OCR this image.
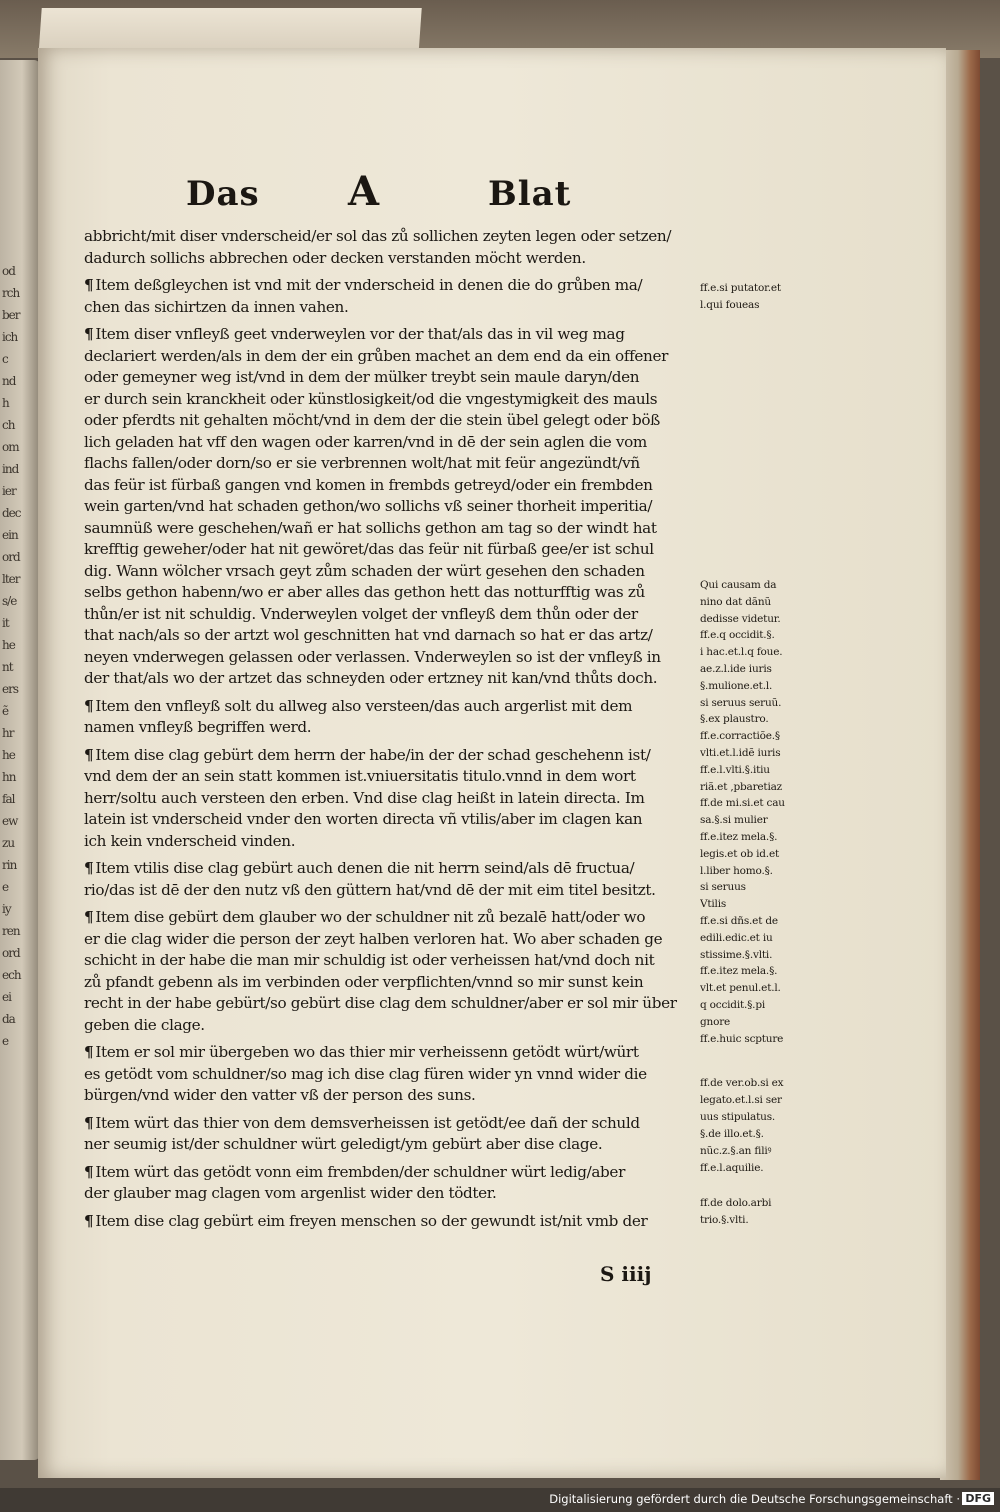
od
rch
ber
ich
c
nd
h
ch
om
ind
ier
dec
ein
ord
lter
s/e
it
he
nt
ers
ẽ
hr
he
hn
fal
ew
zu
rin
e
iy
ren
ord
ech
ei
da
e
Das A	Blat
abbricht/mit diser vnderscheid/er sol das zů sollichen zeyten legen oder setzen/
dadurch sollichs abbrechen oder decken verstanden möcht werden.
¶ Item deßgleychen ist vnd mit der vnderscheid in denen die do grůben ma/
chen das sichirtzen da innen vahen.
¶ Item diser vnfleyß geet vnderweylen vor der that/als das in vil weg mag
declariert werden/als in dem der ein grůben machet an dem end da ein offener
oder gemeyner weg ist/vnd in dem der mülker treybt sein maule daryn/den
er durch sein kranckheit oder künstlosigkeit/od die vngestymigkeit des mauls
oder pferdts nit gehalten möcht/vnd in dem der die stein übel gelegt oder böß
lich geladen hat vff den wagen oder karren/vnd in dē der sein aglen die vom
flachs fallen/oder dorn/so er sie verbrennen wolt/hat mit feür angezündt/vñ
das feür ist fürbaß gangen vnd komen in frembds getreyd/oder ein frembden
wein garten/vnd hat schaden gethon/wo sollichs vß seiner thorheit imperitia/
saumnüß were geschehen/wañ er hat sollichs gethon am tag so der windt hat
krefftig geweher/oder hat nit gewöret/das das feür nit fürbaß gee/er ist schul
dig. Wann wölcher vrsach geyt zům schaden der würt gesehen den schaden
selbs gethon habenn/wo er aber alles das gethon hett das notturfftig was zů
thůn/er ist nit schuldig. Vnderweylen volget der vnfleyß dem thůn oder der
that nach/als so der artzt wol geschnitten hat vnd darnach so hat er das artz/
neyen vnderwegen gelassen oder verlassen. Vnderweylen so ist der vnfleyß in
der that/als wo der artzet das schneyden oder ertzney nit kan/vnd thůts doch.
¶ Item den vnfleyß solt du allweg also versteen/das auch argerlist mit dem
namen vnfleyß begriffen werd.
¶ Item dise clag gebürt dem herrn der habe/in der der schad geschehenn ist/
vnd dem der an sein statt kommen ist.vniuersitatis titulo.vnnd in dem wort
herr/soltu auch versteen den erben. Vnd dise clag heißt in latein directa. Im
latein ist vnderscheid vnder den worten directa vñ vtilis/aber im clagen kan
ich kein vnderscheid vinden.
¶ Item vtilis dise clag gebürt auch denen die nit herrn seind/als dē fructua/
rio/das ist dē der den nutz vß den güttern hat/vnd dē der mit eim titel besitzt.
¶ Item dise gebürt dem glauber wo der schuldner nit zů bezalē hatt/oder wo
er die clag wider die person der zeyt halben verloren hat. Wo aber schaden ge
schicht in der habe die man mir schuldig ist oder verheissen hat/vnd doch nit
zů pfandt gebenn als im verbinden oder verpflichten/vnnd so mir sunst kein
recht in der habe gebürt/so gebürt dise clag dem schuldner/aber er sol mir über
geben die clage.
¶ Item er sol mir übergeben wo das thier mir verheissenn getödt würt/würt
es getödt vom schuldner/so mag ich dise clag füren wider yn vnnd wider die
bürgen/vnd wider den vatter vß der person des suns.
¶ Item würt das thier von dem demsverheissen ist getödt/ee dañ der schuld
ner seumig ist/der schuldner würt geledigt/ym gebürt aber dise clage.
¶ Item würt das getödt vonn eim frembden/der schuldner würt ledig/aber
der glauber mag clagen vom argenlist wider den tödter.
¶ Item dise clag gebürt eim freyen menschen so der gewundt ist/nit vmb der
ff.e.si putator.et
l.qui foueas
Qui causam da
nino dat dãnũ
dedisse videtur.
ff.e.q occidit.§.
i hac.et.l.q foue.
ae.z.l.ide iuris
§.mulione.et.l.
si seruus seruũ.
§.ex plaustro.
ff.e.corractiõe.§
vlti.et.l.idẽ iuris
ff.e.l.vlti.§.itiu
riã.et ,pbaretiaz
ff.de mi.si.et cau
sa.§.si mulier
ff.e.itez mela.§.
legis.et ob id.et
l.liber homo.§.
si seruus
Vtilis
ff.e.si dñs.et de
edili.edic.et iu
stissime.§.vlti.
ff.e.itez mela.§.
vlt.et penul.et.l.
q occidit.§.pi
gnore
ff.e.huic scpture
ff.de ver.ob.si ex
legato.et.l.si ser
uus stipulatus.
§.de illo.et.§.
nũc.z.§.an filiꝰ
ff.e.l.aquilie.
ff.de dolo.arbi
trio.§.vlti.
S iiij
Digitalisierung gefördert durch die Deutsche Forschungsgemeinschaft · DFG
